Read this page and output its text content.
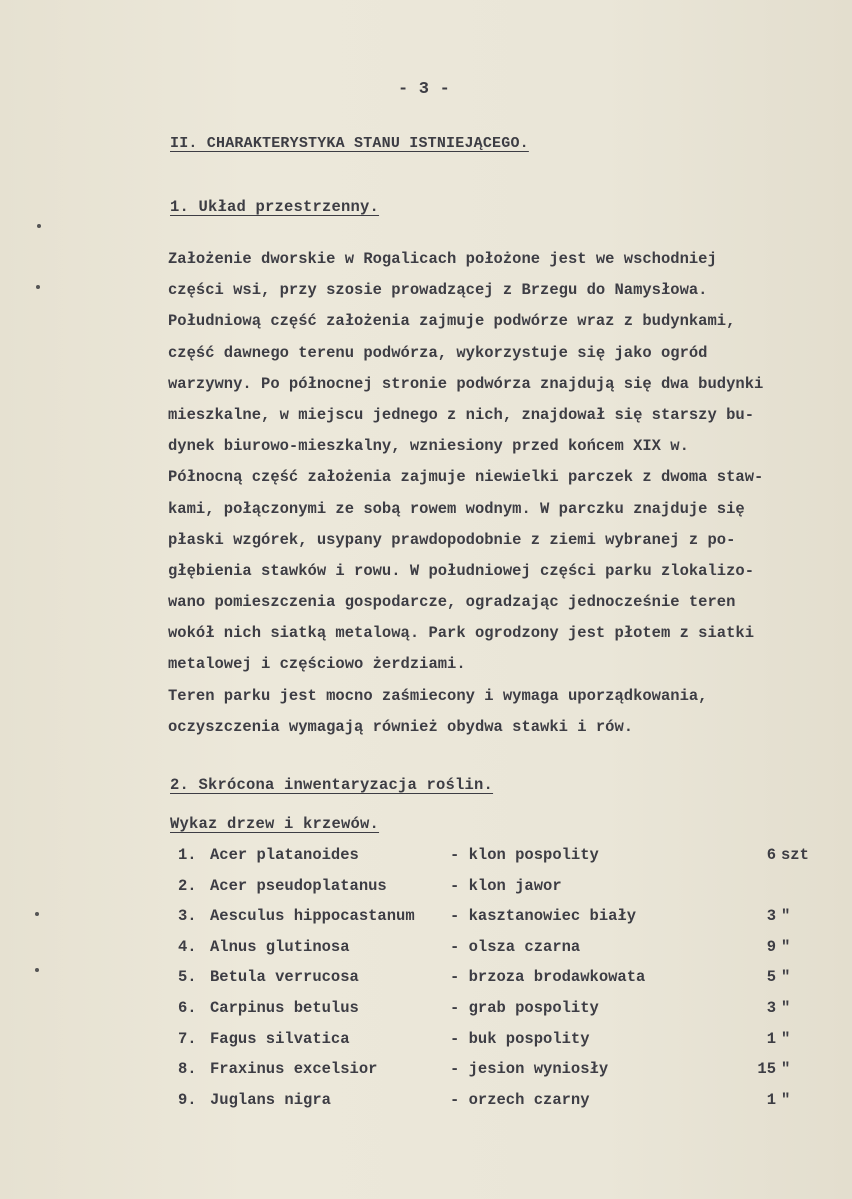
- 3 -
II. CHARAKTERYSTYKA STANU ISTNIEJĄCEGO.
1. Układ przestrzenny.
Założenie dworskie w Rogalicach położone jest we wschodniej
części wsi, przy szosie prowadzącej z Brzegu do Namysłowa.
Południową część założenia zajmuje podwórze wraz z budynkami,
część dawnego terenu podwórza, wykorzystuje się jako ogród
warzywny. Po północnej stronie podwórza znajdują się dwa budynki
mieszkalne, w miejscu jednego z nich, znajdował się starszy bu-
dynek biurowo-mieszkalny, wzniesiony przed końcem XIX w.
Północną część założenia zajmuje niewielki parczek z dwoma staw-
kami, połączonymi ze sobą rowem wodnym. W parczku znajduje się
płaski wzgórek, usypany prawdopodobnie z ziemi wybranej z po-
głębienia stawków i rowu. W południowej części parku zlokalizo-
wano pomieszczenia gospodarcze, ogradzając jednocześnie teren
wokół nich siatką metalową. Park ogrodzony jest płotem z siatki
metalowej i częściowo żerdziami.
Teren parku jest mocno zaśmiecony i wymaga uporządkowania,
oczyszczenia wymagają również obydwa stawki i rów.
2. Skrócona inwentaryzacja roślin.
Wykaz drzew i krzewów.
1. Acer platanoides	- klon pospolity	6 szt
2. Acer pseudoplatanus	- klon jawor
3. Aesculus hippocastanum - kasztanowiec biały	3 "
4. Alnus glutinosa	- olsza czarna	9 "
5. Betula verrucosa	- brzoza brodawkowata	5 "
6. Carpinus betulus	- grab pospolity	3 "
7. Fagus silvatica	- buk pospolity	1 "
8. Fraxinus excelsior	- jesion wyniosły	15 "
9. Juglans nigra	- orzech czarny	1 "
